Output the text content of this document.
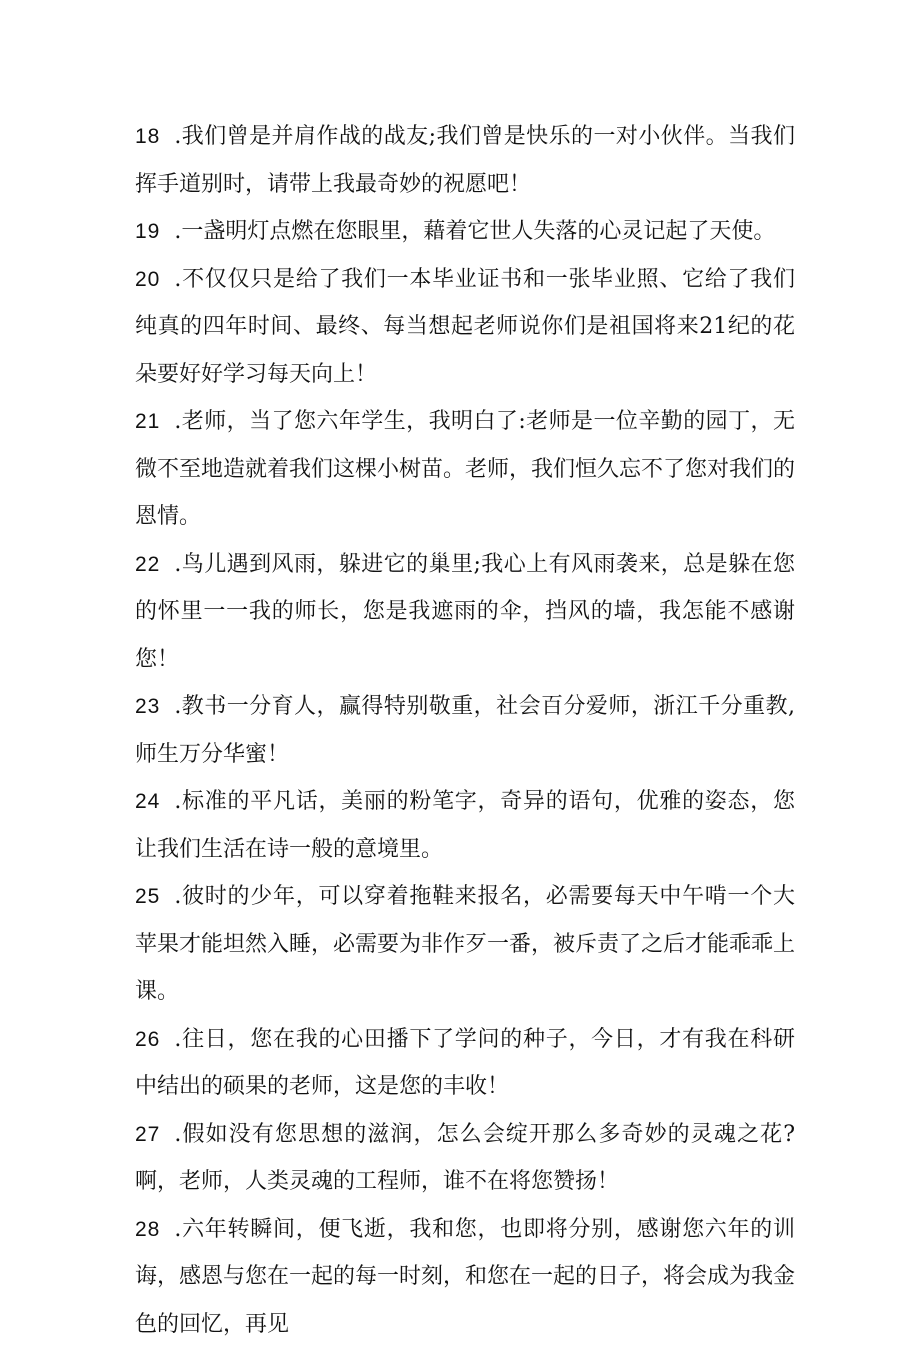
18 .我们曾是并肩作战的战友;我们曾是快乐的一对小伙伴。当我们挥手道别时，请带上我最奇妙的祝愿吧！

19 .一盏明灯点燃在您眼里，藉着它世人失落的心灵记起了天使。

20 .不仅仅只是给了我们一本毕业证书和一张毕业照、它给了我们纯真的四年时间、最终、每当想起老师说你们是祖国将来21纪的花朵要好好学习每天向上！

21 .老师，当了您六年学生，我明白了:老师是一位辛勤的园丁，无微不至地造就着我们这棵小树苗。老师，我们恒久忘不了您对我们的恩情。

22 .鸟儿遇到风雨，躲进它的巢里;我心上有风雨袭来，总是躲在您的怀里一一我的师长，您是我遮雨的伞，挡风的墙，我怎能不感谢您！

23 .教书一分育人，赢得特别敬重，社会百分爱师，浙江千分重教,师生万分华蜜！

24 .标准的平凡话，美丽的粉笔字，奇异的语句，优雅的姿态，您让我们生活在诗一般的意境里。

25 .彼时的少年，可以穿着拖鞋来报名，必需要每天中午啃一个大苹果才能坦然入睡，必需要为非作歹一番，被斥责了之后才能乖乖上课。

26 .往日，您在我的心田播下了学问的种子，今日，才有我在科研中结出的硕果的老师，这是您的丰收！

27 .假如没有您思想的滋润，怎么会绽开那么多奇妙的灵魂之花?啊，老师，人类灵魂的工程师，谁不在将您赞扬！

28 .六年转瞬间，便飞逝，我和您，也即将分别，感谢您六年的训诲，感恩与您在一起的每一时刻，和您在一起的日子，将会成为我金色的回忆，再见
